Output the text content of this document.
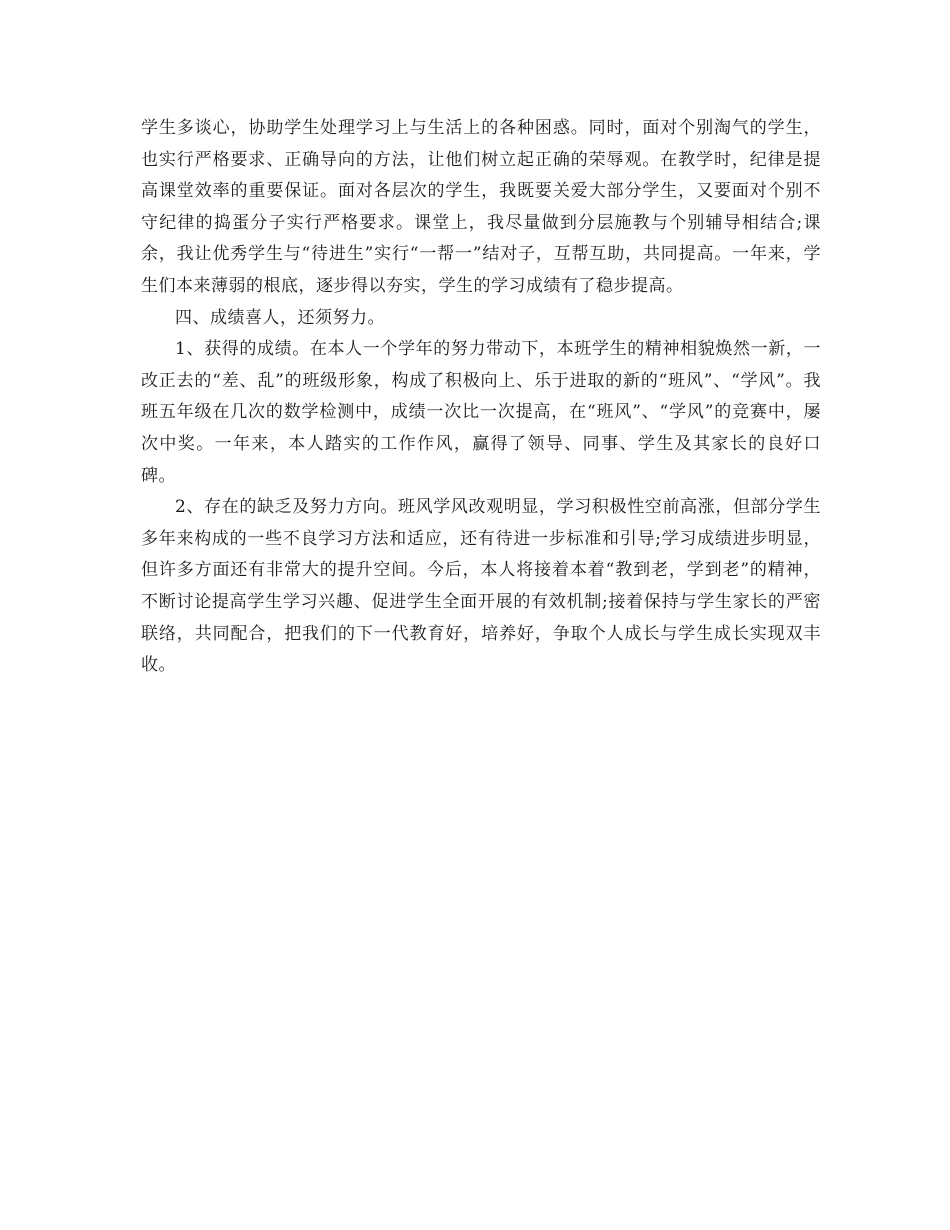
学生多谈心，协助学生处理学习上与生活上的各种困惑。同时，面对个别淘气的学生，也实行严格要求、正确导向的方法，让他们树立起正确的荣辱观。在教学时，纪律是提高课堂效率的重要保证。面对各层次的学生，我既要关爱大部分学生，又要面对个别不守纪律的捣蛋分子实行严格要求。课堂上，我尽量做到分层施教与个别辅导相结合;课余，我让优秀学生与“待进生”实行“一帮一”结对子，互帮互助，共同提高。一年来，学生们本来薄弱的根底，逐步得以夯实，学生的学习成绩有了稳步提高。

四、成绩喜人，还须努力。

1、获得的成绩。在本人一个学年的努力带动下，本班学生的精神相貌焕然一新，一改正去的“差、乱”的班级形象，构成了积极向上、乐于进取的新的“班风”、“学风”。我班五年级在几次的数学检测中，成绩一次比一次提高，在“班风”、“学风”的竞赛中，屡次中奖。一年来，本人踏实的工作作风，赢得了领导、同事、学生及其家长的良好口碑。

2、存在的缺乏及努力方向。班风学风改观明显，学习积极性空前高涨，但部分学生多年来构成的一些不良学习方法和适应，还有待进一步标准和引导;学习成绩进步明显，但许多方面还有非常大的提升空间。今后，本人将接着本着“教到老，学到老”的精神，不断讨论提高学生学习兴趣、促进学生全面开展的有效机制;接着保持与学生家长的严密联络，共同配合，把我们的下一代教育好，培养好，争取个人成长与学生成长实现双丰收。
